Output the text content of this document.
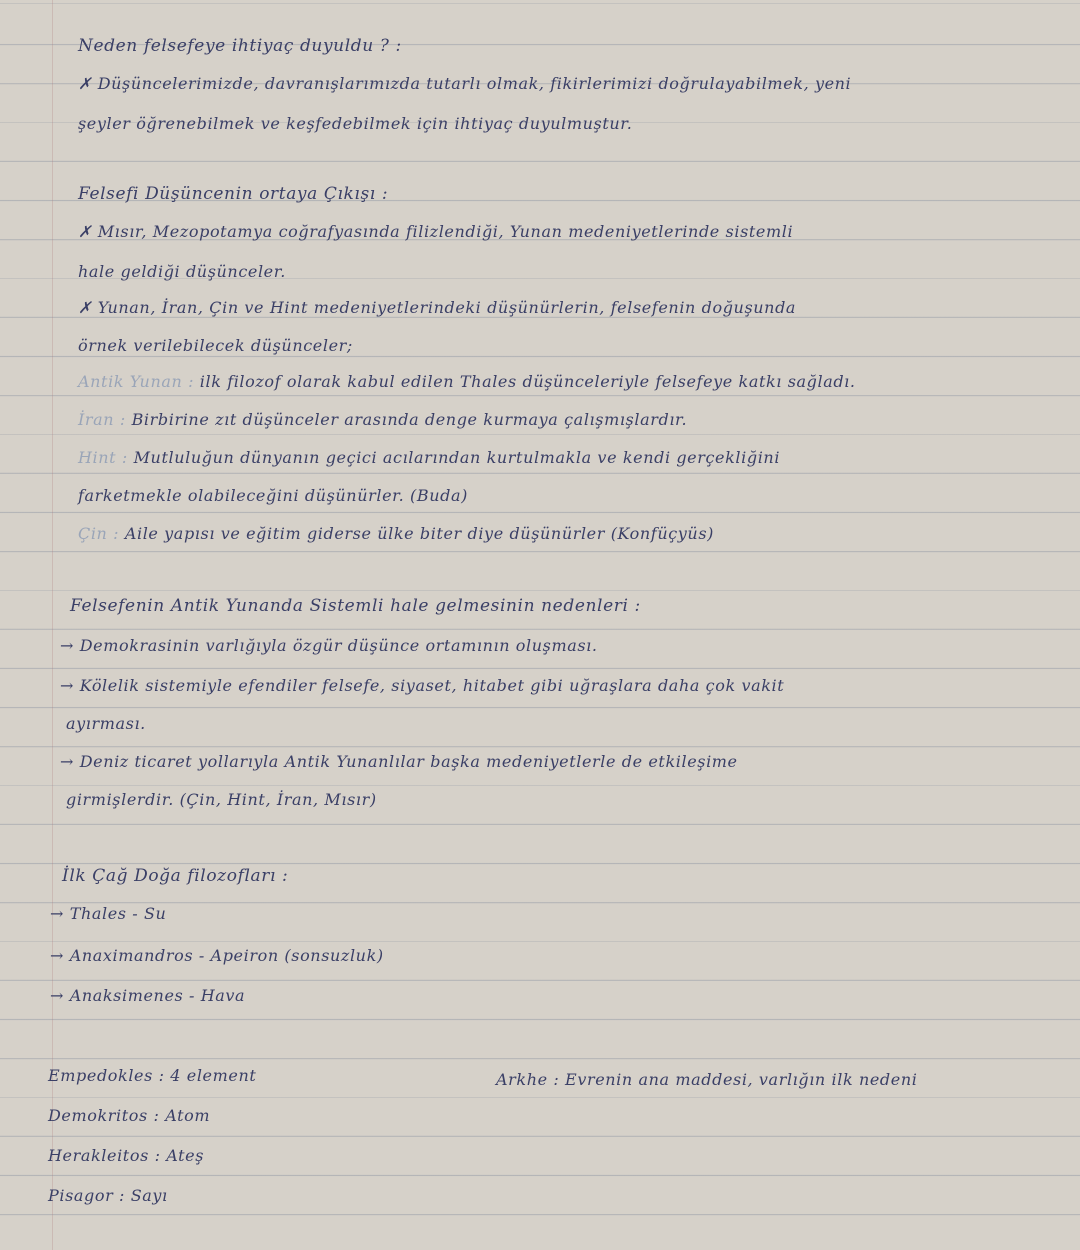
Neden felsefeye ihtiyaç duyuldu ? :
✗ Düşüncelerimizde, davranışlarımızda tutarlı olmak, fikirlerimizi doğrulayabilmek, yeni
şeyler öğrenebilmek ve keşfedebilmek için ihtiyaç duyulmuştur.
Felsefi Düşüncenin ortaya Çıkışı :
✗ Mısır, Mezopotamya coğrafyasında filizlendiği, Yunan medeniyetlerinde sistemli
hale geldiği düşünceler.
✗ Yunan, İran, Çin ve Hint medeniyetlerindeki düşünürlerin, felsefenin doğuşunda
örnek verilebilecek düşünceler;
Antik Yunan : ilk filozof olarak kabul edilen Thales düşünceleriyle felsefeye katkı sağladı.
İran : Birbirine zıt düşünceler arasında denge kurmaya çalışmışlardır.
Hint : Mutluluğun dünyanın geçici acılarından kurtulmakla ve kendi gerçekliğini
farketmekle olabileceğini düşünürler. (Buda)
Çin : Aile yapısı ve eğitim giderse ülke biter diye düşünürler (Konfüçyüs)
Felsefenin Antik Yunanda Sistemli hale gelmesinin nedenleri :
→ Demokrasinin varlığıyla özgür düşünce ortamının oluşması.
→ Kölelik sistemiyle efendiler felsefe, siyaset, hitabet gibi uğraşlara daha çok vakit
ayırması.
→ Deniz ticaret yollarıyla Antik Yunanlılar başka medeniyetlerle de etkileşime
girmişlerdir. (Çin, Hint, İran, Mısır)
İlk Çağ Doğa filozofları :
→ Thales - Su
→ Anaximandros - Apeiron (sonsuzluk)
→ Anaksimenes - Hava
Empedokles : 4 element
Demokritos : Atom
Herakleitos : Ateş
Pisagor : Sayı
Arkhe : Evrenin ana maddesi, varlığın ilk nedeni
